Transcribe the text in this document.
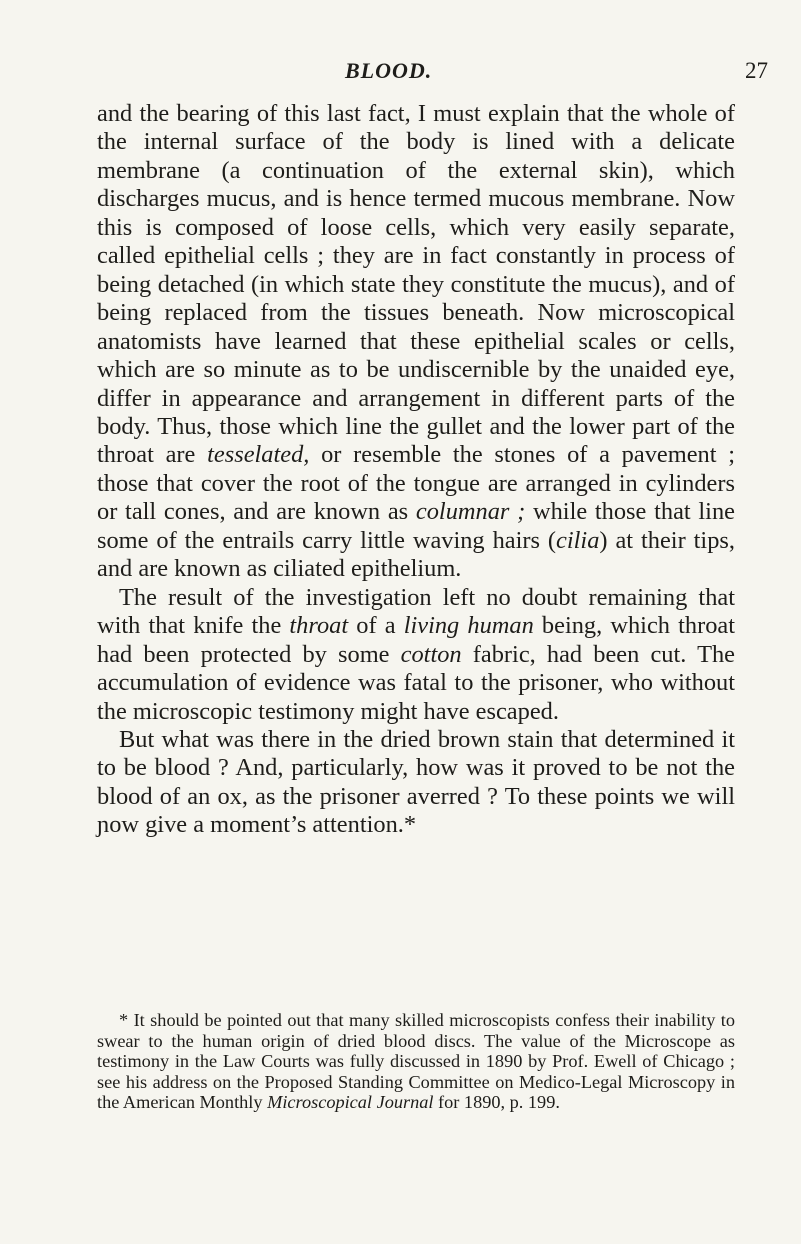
BLOOD.	27

and the bearing of this last fact, I must explain that the whole of the internal surface of the body is lined with a delicate membrane (a continuation of the external skin), which discharges mucus, and is hence termed mucous membrane. Now this is composed of loose cells, which very easily separate, called epithelial cells ; they are in fact constantly in process of being detached (in which state they constitute the mucus), and of being replaced from the tissues beneath. Now microscopical anatomists have learned that these epithelial scales or cells, which are so minute as to be undiscernible by the unaided eye, differ in appearance and arrangement in different parts of the body. Thus, those which line the gullet and the lower part of the throat are tesselated, or resemble the stones of a pavement ; those that cover the root of the tongue are arranged in cylinders or tall cones, and are known as columnar ; while those that line some of the entrails carry little waving hairs (cilia) at their tips, and are known as ciliated epithelium.

The result of the investigation left no doubt remaining that with that knife the throat of a living human being, which throat had been protected by some cotton fabric, had been cut. The accumulation of evidence was fatal to the prisoner, who without the microscopic testimony might have escaped.

But what was there in the dried brown stain that determined it to be blood ? And, particularly, how was it proved to be not the blood of an ox, as the prisoner averred ? To these points we will ɲow give a moment’s attention.*

* It should be pointed out that many skilled microscopists confess their inability to swear to the human origin of dried blood discs. The value of the Microscope as testimony in the Law Courts was fully discussed in 1890 by Prof. Ewell of Chicago ; see his address on the Proposed Standing Committee on Medico-Legal Microscopy in the American Monthly Microscopical Journal for 1890, p. 199.
